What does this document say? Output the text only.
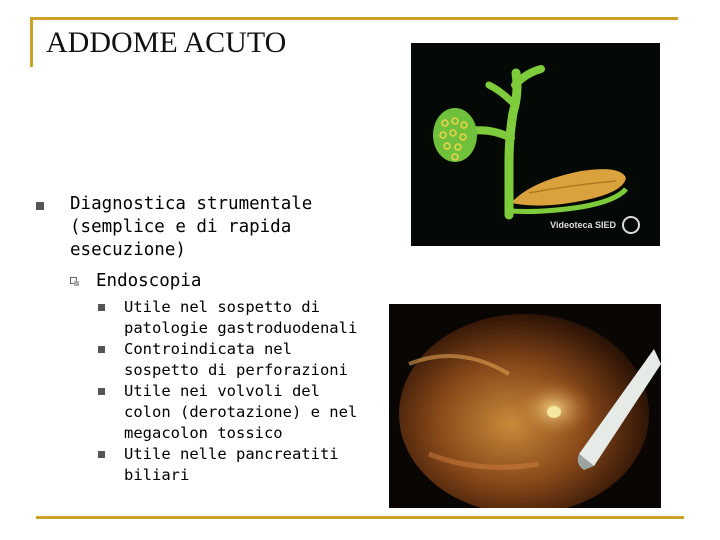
ADDOME ACUTO
Diagnostica strumentale (semplice e di rapida esecuzione)
Endoscopia
Utile nel sospetto di patologie gastroduodenali
Controindicata nel sospetto di perforazioni
Utile nei volvoli del colon (derotazione) e nel megacolon tossico
Utile nelle pancreatiti biliari
Videoteca SIED
